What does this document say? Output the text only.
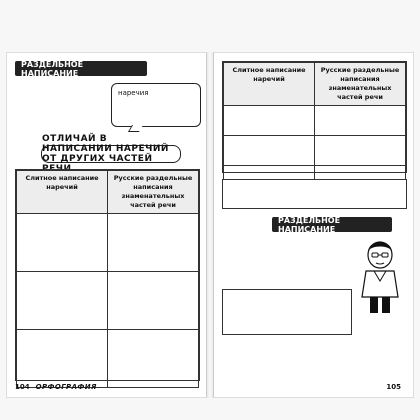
РАЗДЕЛЬНОЕ НАПИСАНИЕ
наречия
ОТЛИЧАЙ В НАПИСАНИИ НАРЕЧИЙ ОТ ДРУГИХ ЧАСТЕЙ
Слитное написание наречий	Русские раздельные написания знаменательных частей речи

104 ОРФОГРАФИЯ
Слитное написание наречий	Русские раздельные написания знаменательных частей речи

РАЗДЕЛЬНОЕ НАПИСАНИЕ
105
